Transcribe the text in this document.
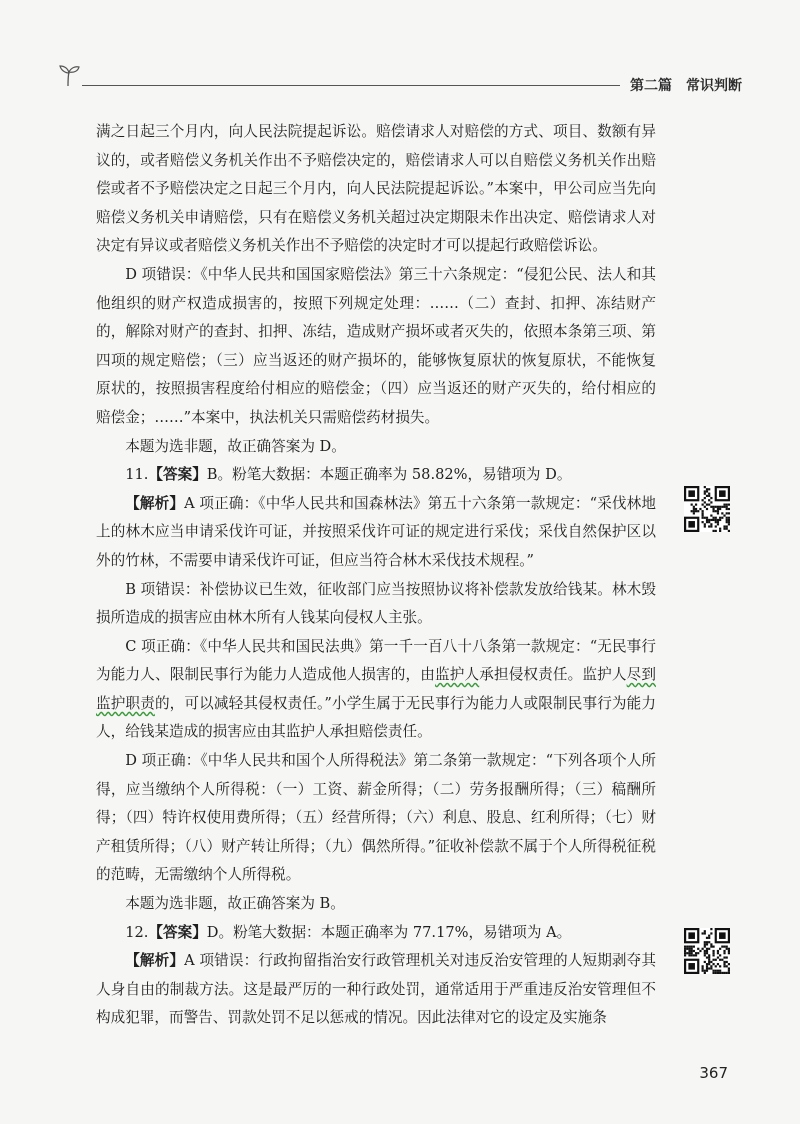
第二篇　常识判断

满之日起三个月内，向人民法院提起诉讼。赔偿请求人对赔偿的方式、项目、数额有异议的，或者赔偿义务机关作出不予赔偿决定的，赔偿请求人可以自赔偿义务机关作出赔偿或者不予赔偿决定之日起三个月内，向人民法院提起诉讼。”本案中，甲公司应当先向赔偿义务机关申请赔偿，只有在赔偿义务机关超过决定期限未作出决定、赔偿请求人对决定有异议或者赔偿义务机关作出不予赔偿的决定时才可以提起行政赔偿诉讼。

D 项错误：《中华人民共和国国家赔偿法》第三十六条规定：“侵犯公民、法人和其他组织的财产权造成损害的，按照下列规定处理：……（二）查封、扣押、冻结财产的，解除对财产的查封、扣押、冻结，造成财产损坏或者灭失的，依照本条第三项、第四项的规定赔偿；（三）应当返还的财产损坏的，能够恢复原状的恢复原状，不能恢复原状的，按照损害程度给付相应的赔偿金；（四）应当返还的财产灭失的，给付相应的赔偿金；……”本案中，执法机关只需赔偿药材损失。

本题为选非题，故正确答案为 D。

11.【答案】B。粉笔大数据：本题正确率为 58.82%，易错项为 D。

【解析】A 项正确：《中华人民共和国森林法》第五十六条第一款规定：“采伐林地上的林木应当申请采伐许可证，并按照采伐许可证的规定进行采伐；采伐自然保护区以外的竹林，不需要申请采伐许可证，但应当符合林木采伐技术规程。”

B 项错误：补偿协议已生效，征收部门应当按照协议将补偿款发放给钱某。林木毁损所造成的损害应由林木所有人钱某向侵权人主张。

C 项正确：《中华人民共和国民法典》第一千一百八十八条第一款规定：“无民事行为能力人、限制民事行为能力人造成他人损害的，由监护人承担侵权责任。监护人尽到监护职责的，可以减轻其侵权责任。”小学生属于无民事行为能力人或限制民事行为能力人，给钱某造成的损害应由其监护人承担赔偿责任。

D 项正确：《中华人民共和国个人所得税法》第二条第一款规定：“下列各项个人所得，应当缴纳个人所得税：（一）工资、薪金所得；（二）劳务报酬所得；（三）稿酬所得；（四）特许权使用费所得；（五）经营所得；（六）利息、股息、红利所得；（七）财产租赁所得；（八）财产转让所得；（九）偶然所得。”征收补偿款不属于个人所得税征税的范畴，无需缴纳个人所得税。

本题为选非题，故正确答案为 B。

12.【答案】D。粉笔大数据：本题正确率为 77.17%，易错项为 A。

【解析】A 项错误：行政拘留指治安行政管理机关对违反治安管理的人短期剥夺其人身自由的制裁方法。这是最严厉的一种行政处罚，通常适用于严重违反治安管理但不构成犯罪，而警告、罚款处罚不足以惩戒的情况。因此法律对它的设定及实施条

367
